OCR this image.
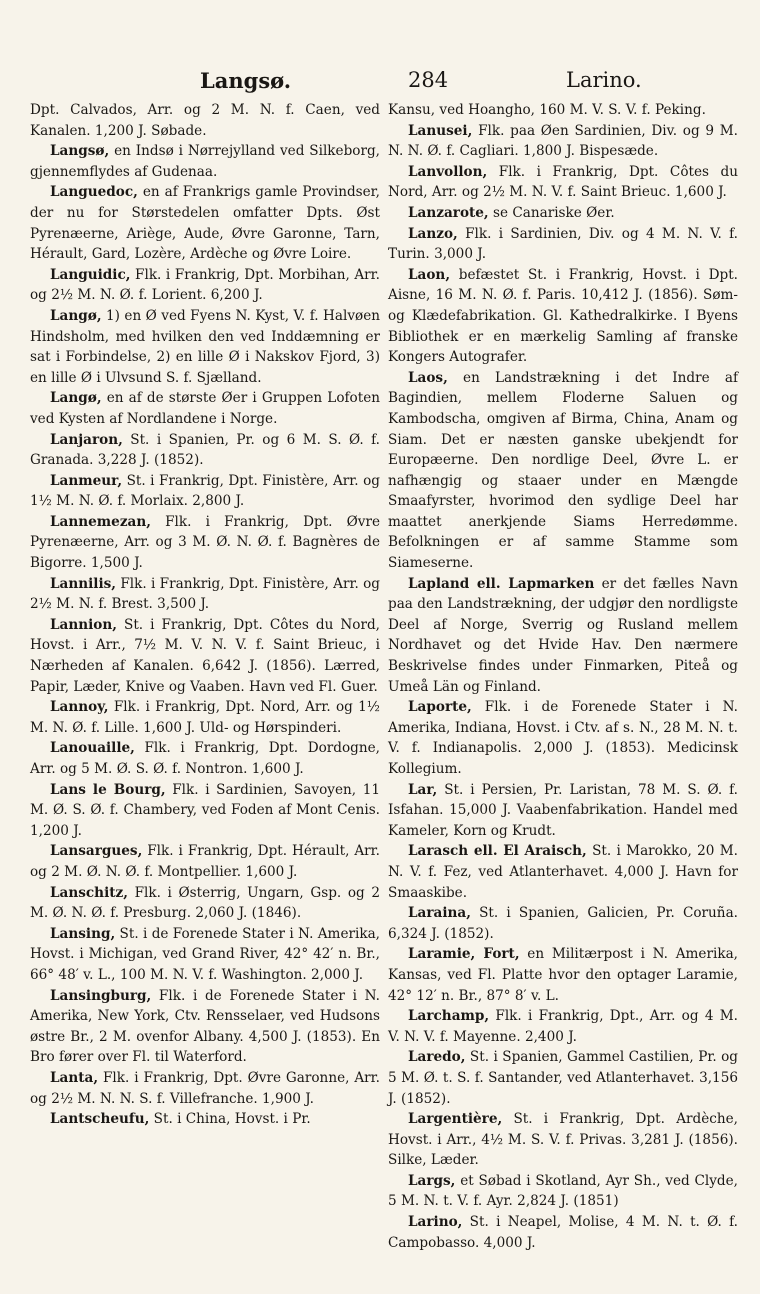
Langsø.	284	Larino.

Dpt. Calvados, Arr. og 2 M. N. f. Caen, ved Kanalen. 1,200 J. Søbade.

Langsø, en Indsø i Nørrejylland ved Silkeborg, gjennemflydes af Gudenaa.

Languedoc, en af Frankrigs gamle Provindser, der nu for Størstedelen omfatter Dpts. Øst Pyrenæerne, Ariège, Aude, Øvre Garonne, Tarn, Hérault, Gard, Lozère, Ardèche og Øvre Loire.

Languidic, Flk. i Frankrig, Dpt. Morbihan, Arr. og 2½ M. N. Ø. f. Lorient. 6,200 J.

Langø, 1) en Ø ved Fyens N. Kyst, V. f. Halvøen Hindsholm, med hvilken den ved Inddæmning er sat i Forbindelse, 2) en lille Ø i Nakskov Fjord, 3) en lille Ø i Ulvsund S. f. Sjælland.

Langø, en af de største Øer i Gruppen Lofoten ved Kysten af Nordlandene i Norge.

Lanjaron, St. i Spanien, Pr. og 6 M. S. Ø. f. Granada. 3,228 J. (1852).

Lanmeur, St. i Frankrig, Dpt. Finistère, Arr. og 1½ M. N. Ø. f. Morlaix. 2,800 J.

Lannemezan, Flk. i Frankrig, Dpt. Øvre Pyrenæerne, Arr. og 3 M. Ø. N. Ø. f. Bagnères de Bigorre. 1,500 J.

Lannilis, Flk. i Frankrig, Dpt. Finistère, Arr. og 2½ M. N. f. Brest. 3,500 J.

Lannion, St. i Frankrig, Dpt. Côtes du Nord, Hovst. i Arr., 7½ M. V. N. V. f. Saint Brieuc, i Nærheden af Kanalen. 6,642 J. (1856). Lærred, Papir, Læder, Knive og Vaaben. Havn ved Fl. Guer.

Lannoy, Flk. i Frankrig, Dpt. Nord, Arr. og 1½ M. N. Ø. f. Lille. 1,600 J. Uld- og Hørspinderi.

Lanouaille, Flk. i Frankrig, Dpt. Dordogne, Arr. og 5 M. Ø. S. Ø. f. Nontron. 1,600 J.

Lans le Bourg, Flk. i Sardinien, Savoyen, 11 M. Ø. S. Ø. f. Chambery, ved Foden af Mont Cenis. 1,200 J.

Lansargues, Flk. i Frankrig, Dpt. Hérault, Arr. og 2 M. Ø. N. Ø. f. Montpellier. 1,600 J.

Lanschitz, Flk. i Østerrig, Ungarn, Gsp. og 2 M. Ø. N. Ø. f. Presburg. 2,060 J. (1846).

Lansing, St. i de Forenede Stater i N. Amerika, Hovst. i Michigan, ved Grand River, 42° 42′ n. Br., 66° 48′ v. L., 100 M. N. V. f. Washington. 2,000 J.

Lansingburg, Flk. i de Forenede Stater i N. Amerika, New York, Ctv. Rensselaer, ved Hudsons østre Br., 2 M. ovenfor Albany. 4,500 J. (1853). En Bro fører over Fl. til Waterford.

Lanta, Flk. i Frankrig, Dpt. Øvre Garonne, Arr. og 2½ M. N. N. S. f. Villefranche. 1,900 J.

Lantscheufu, St. i China, Hovst. i Pr.

Kansu, ved Hoangho, 160 M. V. S. V. f. Peking.

Lanusei, Flk. paa Øen Sardinien, Div. og 9 M. N. N. Ø. f. Cagliari. 1,800 J. Bispesæde.

Lanvollon, Flk. i Frankrig, Dpt. Côtes du Nord, Arr. og 2½ M. N. V. f. Saint Brieuc. 1,600 J.

Lanzarote, se Canariske Øer.

Lanzo, Flk. i Sardinien, Div. og 4 M. N. V. f. Turin. 3,000 J.

Laon, befæstet St. i Frankrig, Hovst. i Dpt. Aisne, 16 M. N. Ø. f. Paris. 10,412 J. (1856). Søm- og Klædefabrikation. Gl. Kathedralkirke. I Byens Bibliothek er en mærkelig Samling af franske Kongers Autografer.

Laos, en Landstrækning i det Indre af Bagindien, mellem Floderne Saluen og Kambodscha, omgiven af Birma, China, Anam og Siam. Det er næsten ganske ubekjendt for Europæerne. Den nordlige Deel, Øvre L. er nafhængig og staaer under en Mængde Smaafyrster, hvorimod den sydlige Deel har maattet anerkjende Siams Herredømme. Befolkningen er af samme Stamme som Siameserne.

Lapland ell. Lapmarken er det fælles Navn paa den Landstrækning, der udgjør den nordligste Deel af Norge, Sverrig og Rusland mellem Nordhavet og det Hvide Hav. Den nærmere Beskrivelse findes under Finmarken, Piteå og Umeå Län og Finland.

Laporte, Flk. i de Forenede Stater i N. Amerika, Indiana, Hovst. i Ctv. af s. N., 28 M. N. t. V. f. Indianapolis. 2,000 J. (1853). Medicinsk Kollegium.

Lar, St. i Persien, Pr. Laristan, 78 M. S. Ø. f. Isfahan. 15,000 J. Vaabenfabrikation. Handel med Kameler, Korn og Krudt.

Larasch ell. El Araisch, St. i Marokko, 20 M. N. V. f. Fez, ved Atlanterhavet. 4,000 J. Havn for Smaaskibe.

Laraina, St. i Spanien, Galicien, Pr. Coruña. 6,324 J. (1852).

Laramie, Fort, en Militærpost i N. Amerika, Kansas, ved Fl. Platte hvor den optager Laramie, 42° 12′ n. Br., 87° 8′ v. L.

Larchamp, Flk. i Frankrig, Dpt., Arr. og 4 M. V. N. V. f. Mayenne. 2,400 J.

Laredo, St. i Spanien, Gammel Castilien, Pr. og 5 M. Ø. t. S. f. Santander, ved Atlanterhavet. 3,156 J. (1852).

Largentière, St. i Frankrig, Dpt. Ardèche, Hovst. i Arr., 4½ M. S. V. f. Privas. 3,281 J. (1856). Silke, Læder.

Largs, et Søbad i Skotland, Ayr Sh., ved Clyde, 5 M. N. t. V. f. Ayr. 2,824 J. (1851)

Larino, St. i Neapel, Molise, 4 M. N. t. Ø. f. Campobasso. 4,000 J.
